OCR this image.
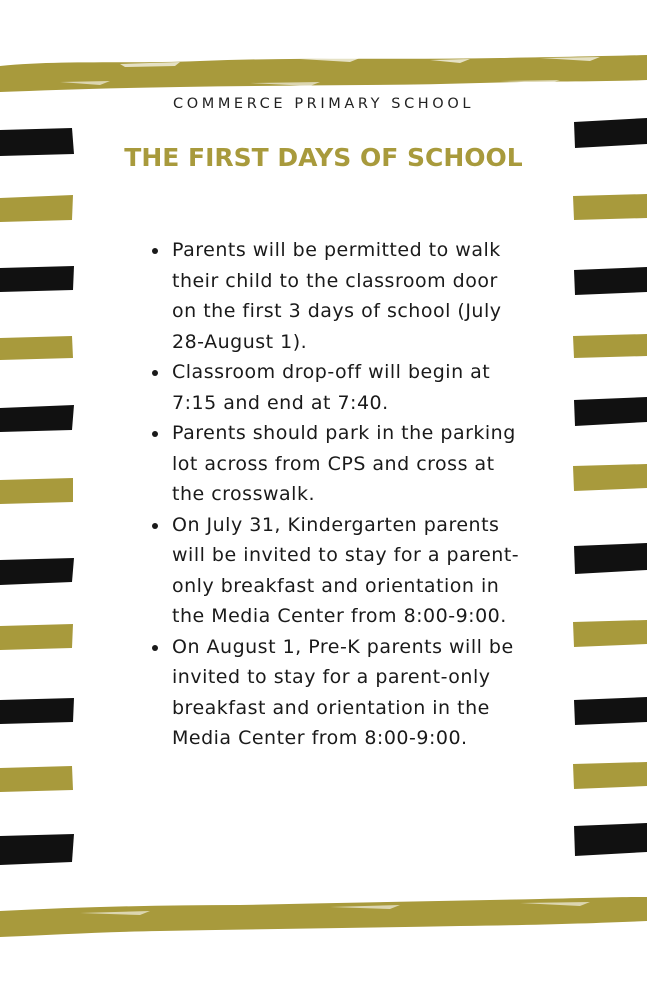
COMMERCE PRIMARY SCHOOL
THE FIRST DAYS OF SCHOOL
Parents will be permitted to walk their child to the classroom door on the first 3 days of school (July 28-August 1).
Classroom drop-off will begin at 7:15 and end at 7:40.
Parents should park in the parking lot across from CPS and cross at the crosswalk.
On July 31, Kindergarten parents will be invited to stay for a parent-only breakfast and orientation in the Media Center from 8:00-9:00.
On August 1, Pre-K parents will be invited to stay for a parent-only breakfast and orientation in the Media Center from 8:00-9:00.
